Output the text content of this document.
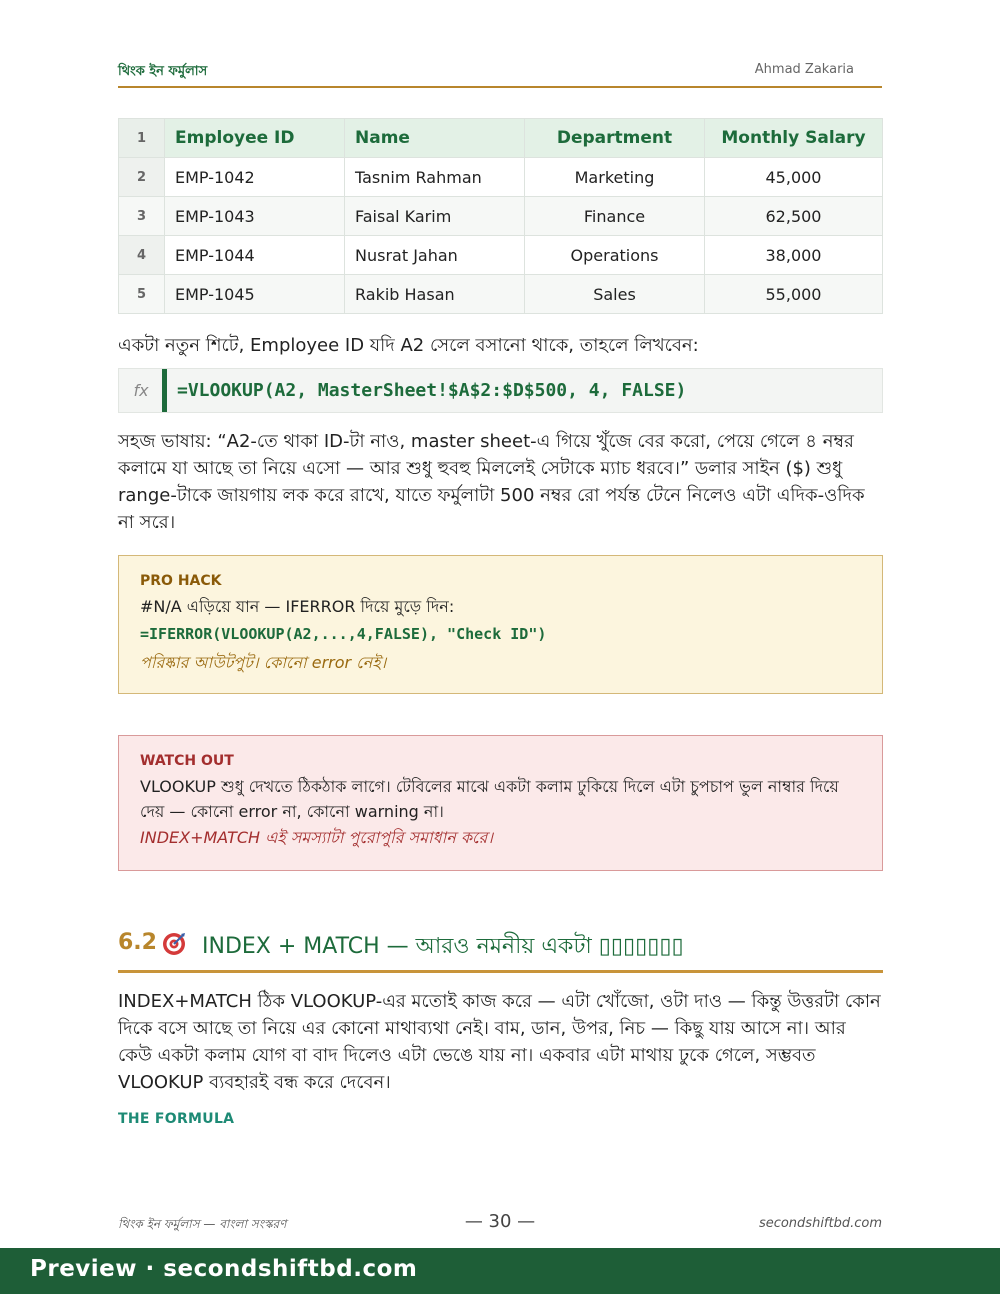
থিংক ইন ফর্মুলাস	Ahmad Zakaria
1	Employee ID	Name	Department	Monthly Salary
2	EMP-1042	Tasnim Rahman	Marketing	45,000
3	EMP-1043	Faisal Karim	Finance	62,500
4	EMP-1044	Nusrat Jahan	Operations	38,000
5	EMP-1045	Rakib Hasan	Sales	55,000

একটা নতুন শিটে, Employee ID যদি A2 সেলে বসানো থাকে, তাহলে লিখবেন:

fx	=VLOOKUP(A2, MasterSheet!$A$2:$D$500, 4, FALSE)

সহজ ভাষায়: “A2-তে থাকা ID-টা নাও, master sheet-এ গিয়ে খুঁজে বের করো, পেয়ে গেলে ৪ নম্বর কলামে যা আছে তা নিয়ে এসো — আর শুধু হুবহু মিললেই সেটাকে ম্যাচ ধরবে।” ডলার সাইন ($) শুধু range-টাকে জায়গায় লক করে রাখে, যাতে ফর্মুলাটা 500 নম্বর রো পর্যন্ত টেনে নিলেও এটা এদিক-ওদিক না সরে।

PRO HACK
#N/A এড়িয়ে যান — IFERROR দিয়ে মুড়ে দিন:
=IFERROR(VLOOKUP(A2,...,4,FALSE), "Check ID")
পরিষ্কার আউটপুট। কোনো error নেই।
WATCH OUT
VLOOKUP শুধু দেখতে ঠিকঠাক লাগে। টেবিলের মাঝে একটা কলাম ঢুকিয়ে দিলে এটা চুপচাপ ভুল নাম্বার দিয়ে দেয় — কোনো error না, কোনো warning না।
INDEX+MATCH এই সমস্যাটা পুরোপুরি সমাধান করে।
6.2 INDEX + MATCH — আরও নমনীয় একটা ▯▯▯▯▯▯▯

INDEX+MATCH ঠিক VLOOKUP-এর মতোই কাজ করে — এটা খোঁজো, ওটা দাও — কিন্তু উত্তরটা কোন দিকে বসে আছে তা নিয়ে এর কোনো মাথাব্যথা নেই। বাম, ডান, উপর, নিচ — কিছু যায় আসে না। আর কেউ একটা কলাম যোগ বা বাদ দিলেও এটা ভেঙে যায় না। একবার এটা মাথায় ঢুকে গেলে, সম্ভবত VLOOKUP ব্যবহারই বন্ধ করে দেবেন।

THE FORMULA
থিংক ইন ফর্মুলাস — বাংলা সংস্করণ	— 30 —	secondshiftbd.com
Preview · secondshiftbd.com
